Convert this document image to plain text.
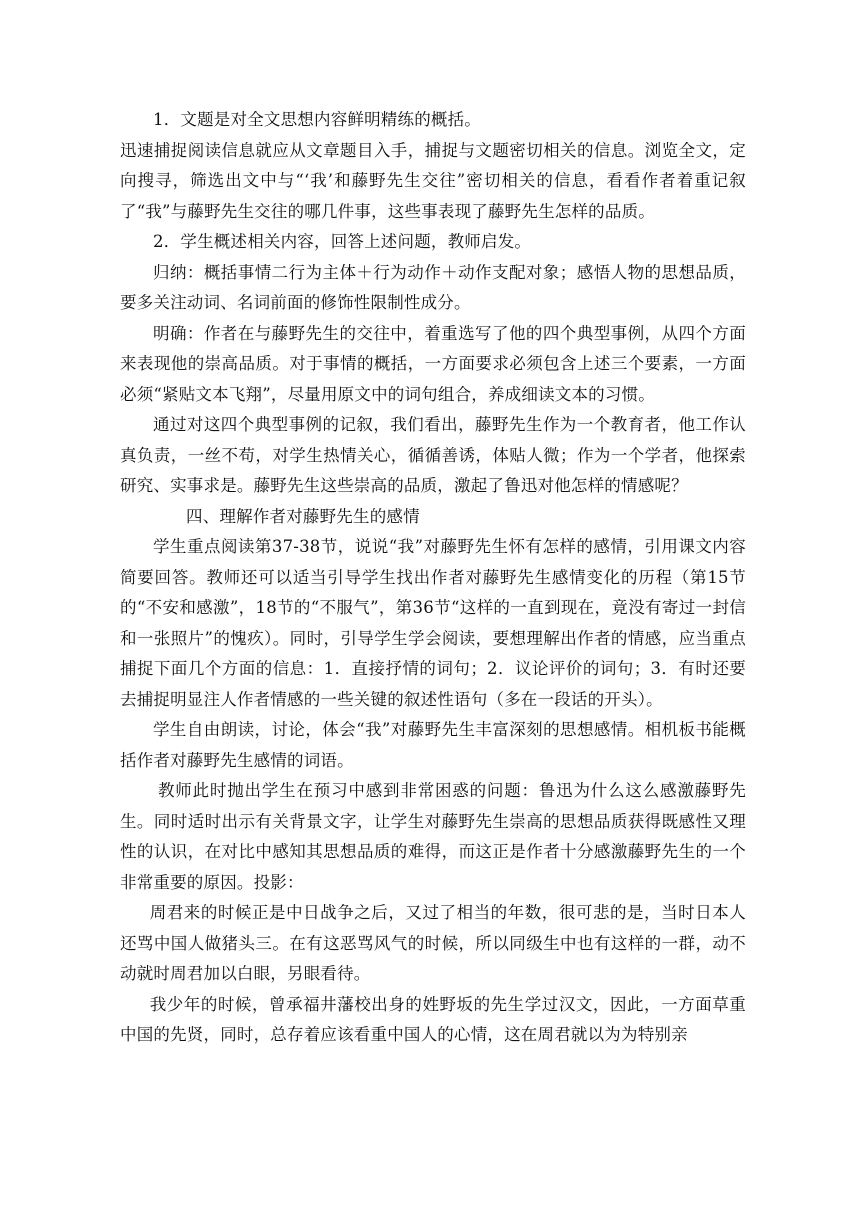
1．文题是对全文思想内容鲜明精练的概括。

迅速捕捉阅读信息就应从文章题目入手，捕捉与文题密切相关的信息。浏览全文，定向搜寻，筛选出文中与“‘我’和藤野先生交往”密切相关的信息，看看作者着重记叙了“我”与藤野先生交往的哪几件事，这些事表现了藤野先生怎样的品质。

2．学生概述相关内容，回答上述问题，教师启发。

归纳：概括事情二行为主体＋行为动作＋动作支配对象；感悟人物的思想品质，要多关注动词、名词前面的修饰性限制性成分。

明确：作者在与藤野先生的交往中，着重选写了他的四个典型事例，从四个方面来表现他的崇高品质。对于事情的概括，一方面要求必须包含上述三个要素，一方面必须“紧贴文本飞翔”，尽量用原文中的词句组合，养成细读文本的习惯。

通过对这四个典型事例的记叙，我们看出，藤野先生作为一个教育者，他工作认真负责，一丝不苟，对学生热情关心，循循善诱，体贴人微；作为一个学者，他探索研究、实事求是。藤野先生这些崇高的品质，激起了鲁迅对他怎样的情感呢？

四、理解作者对藤野先生的感情

学生重点阅读第37-38节，说说“我”对藤野先生怀有怎样的感情，引用课文内容简要回答。教师还可以适当引导学生找出作者对藤野先生感情变化的历程（第15节的“不安和感激”，18节的“不服气”，第36节“这样的一直到现在，竟没有寄过一封信和一张照片”的愧疚）。同时，引导学生学会阅读，要想理解出作者的情感，应当重点捕捉下面几个方面的信息：1．直接抒情的词句；2．议论评价的词句；3．有时还要去捕捉明显注人作者情感的一些关键的叙述性语句（多在一段话的开头）。

学生自由朗读，讨论，体会“我”对藤野先生丰富深刻的思想感情。相机板书能概括作者对藤野先生感情的词语。

教师此时抛出学生在预习中感到非常困惑的问题：鲁迅为什么这么感激藤野先生。同时适时出示有关背景文字，让学生对藤野先生崇高的思想品质获得既感性又理性的认识，在对比中感知其思想品质的难得，而这正是作者十分感激藤野先生的一个非常重要的原因。投影：

周君来的时候正是中日战争之后，又过了相当的年数，很可悲的是，当时日本人还骂中国人做猪头三。在有这恶骂风气的时候，所以同级生中也有这样的一群，动不动就时周君加以白眼，另眼看待。

我少年的时候，曾承福井藩校出身的姓野坂的先生学过汉文，因此，一方面草重中国的先贤，同时，总存着应该看重中国人的心情，这在周君就以为为特别亲
